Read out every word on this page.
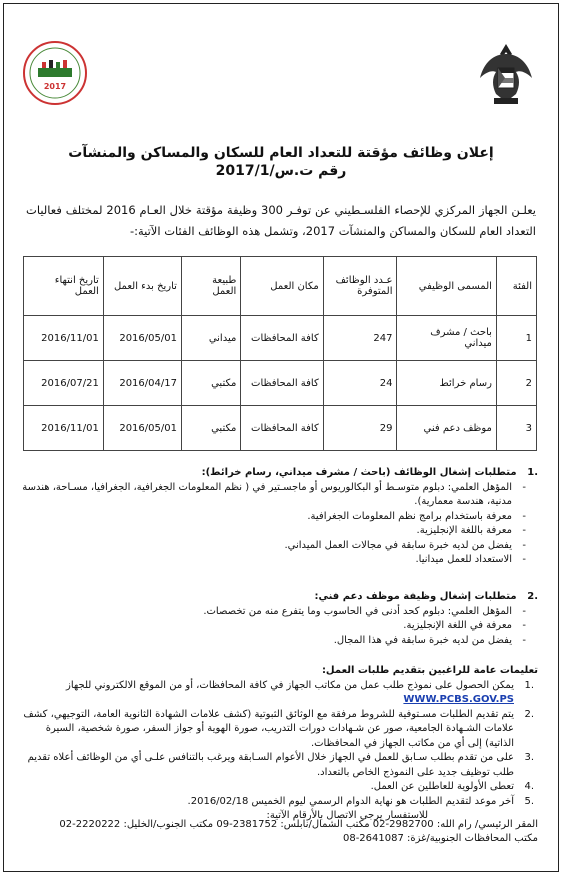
2017
إعلان وظائف مؤقتة للتعداد العام للسكان والمساكن والمنشآت
رقم ت.س/2017/1
يعلـن الجهاز المركزي للإحصاء الفلسـطيني عن توفـر 300 وظيفة مؤقتة خلال العـام 2016 لمختلف فعاليات التعداد العام للسكان والمساكن والمنشآت 2017، وتشمل هذه الوظائف الفئات الآتية:-
الفئة	المسمى الوظيفي	عـدد الوظائف المتوفرة	مكان العمل	طبيعة العمل	تاريخ بدء العمل	تاريخ انتهاء العمل
1	باحث / مشرف ميداني	247	كافة المحافظات	ميداني	2016/05/01	2016/11/01
2	رسام خرائط	24	كافة المحافظات	مكتبي	2016/04/17	2016/07/21
3	موظف دعم فني	29	كافة المحافظات	مكتبي	2016/05/01	2016/11/01
.1 متطلبات إشغال الوظائف (باحث / مشرف ميداني، رسام خرائط):
- المؤهل العلمي: دبلوم متوسـط أو البكالوريوس أو ماجسـتير في ( نظم المعلومات الجغرافية، الجغرافيا، مسـاحة، هندسة مدنية، هندسة معمارية).
- معرفة باستخدام برامج نظم المعلومات الجغرافية.
- معرفة باللغة الإنجليزية.
- يفضل من لديه خبرة سابقة في مجالات العمل الميداني.
- الاستعداد للعمل ميدانيا.
.2 متطلبات إشغال وظيفة موظف دعم فني:
- المؤهل العلمي: دبلوم كحد أدنى في الحاسوب وما يتفرع منه من تخصصات.
- معرفة في اللغة الإنجليزية.
- يفضل من لديه خبرة سابقة في هذا المجال.
تعليمات عامة للراغبين بتقديم طلبات العمل:
.1
يمكن الحصول على نموذج طلب عمل من مكاتب الجهاز في كافة المحافظات، أو من الموقع الالكتروني للجهاز WWW.PCBS.GOV.PS
.2
يتم تقديم الطلبات مسـتوفية للشروط مرفقة مع الوثائق الثبوتية (كشف علامات الشهادة الثانوية العامة، التوجيهي، كشف علامات الشـهادة الجامعية، صور عن شـهادات دورات التدريب، صورة الهوية أو جواز السفر، صورة شخصية، السيرة الذاتية) إلى أي من مكاتب الجهاز في المحافظات.
.3
على من تقدم بطلب سـابق للعمل في الجهاز خلال الأعوام السـابقة ويرغب بالتنافس علـى أي من الوظائف أعلاه تقديم طلب توظيف جديد على النموذج الخاص بالتعداد.
.4
تعطى الأولوية للعاطلين عن العمل.
.5
آخر موعد لتقديم الطلبات هو نهاية الدوام الرسمي ليوم الخميس 2016/02/18.
للاستفسار يرجى الاتصال بالأرقام الآتية:
المقر الرئيسي/ رام الله: 2982700-02 مكتب الشمال/نابلس: 2381752-09 مكتب الجنوب/الخليل: 2220222-02
مكتب المحافظات الجنوبية/غزة: 2641087-08
